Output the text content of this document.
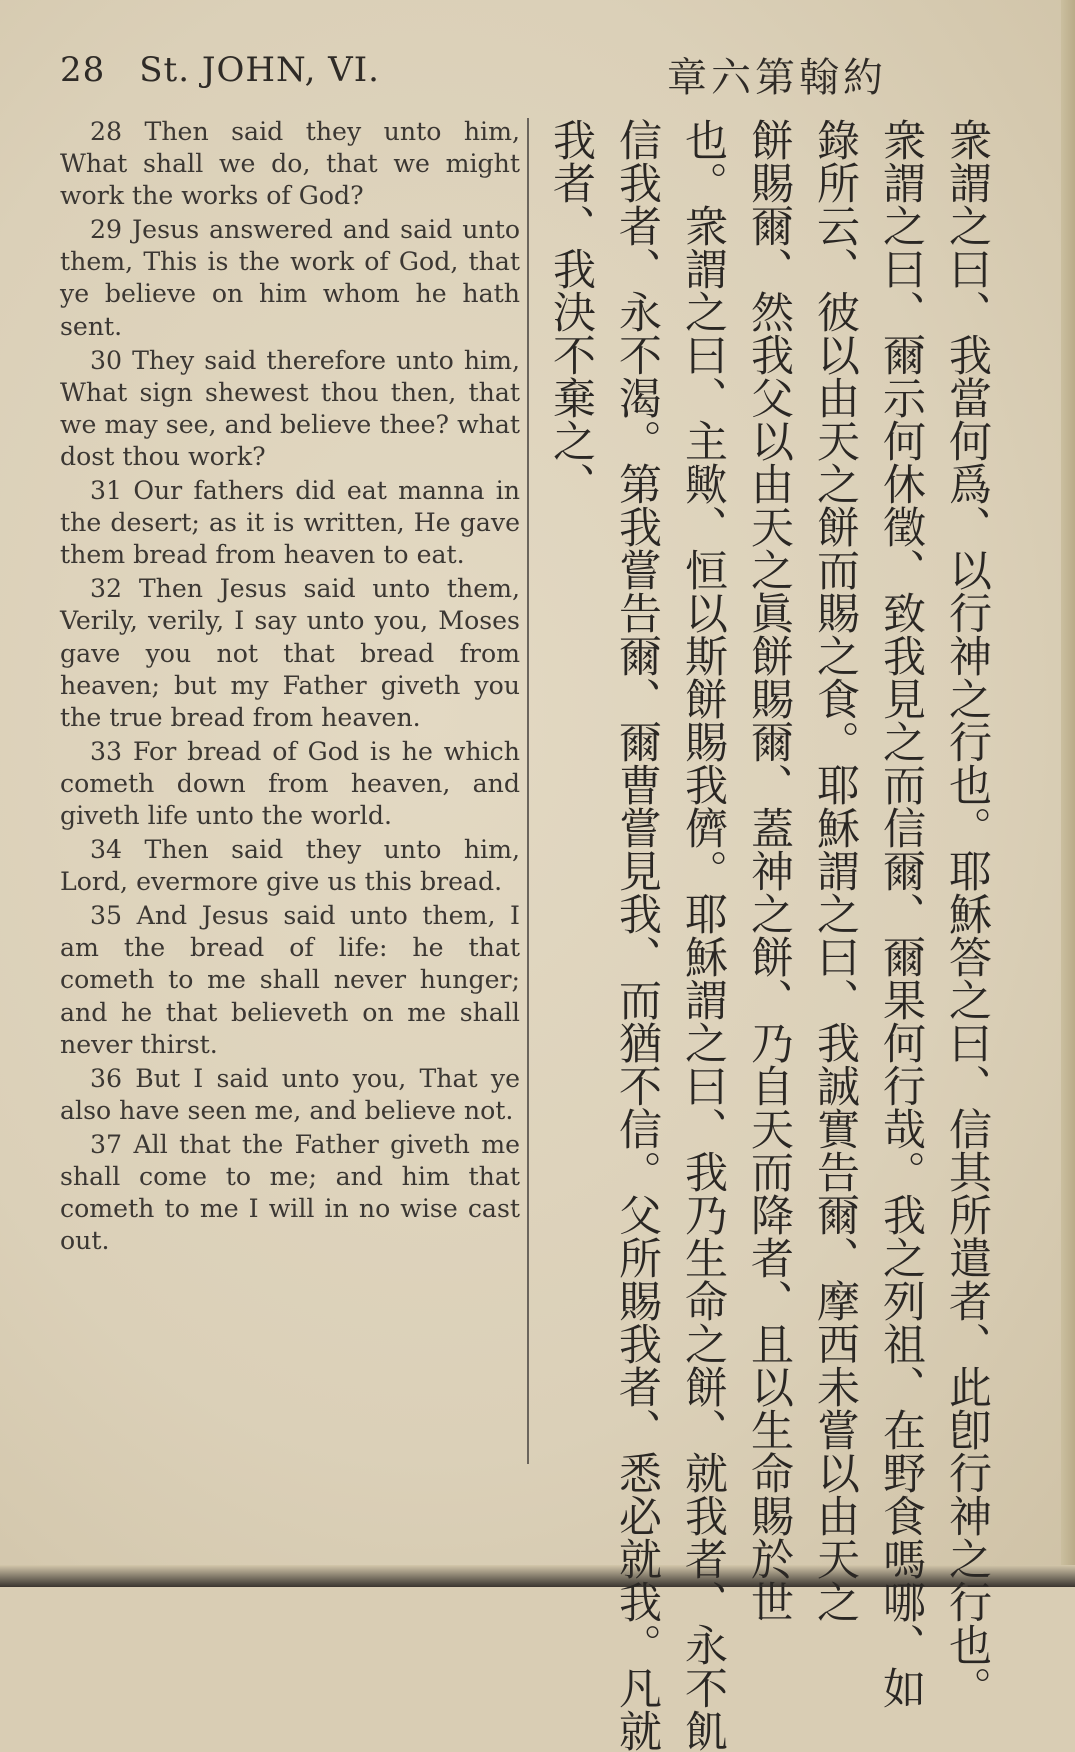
28 St. JOHN, VI.	章六第翰約

28 Then said they unto him, What shall we do, that we might work the works of God?

29 Jesus answered and said unto them, This is the work of God, that ye believe on him whom he hath sent.

30 They said therefore unto him, What sign shewest thou then, that we may see, and believe thee? what dost thou work?

31 Our fathers did eat manna in the desert; as it is written, He gave them bread from heaven to eat.

32 Then Jesus said unto them, Verily, verily, I say unto you, Moses gave you not that bread from heaven; but my Father giveth you the true bread from heaven.

33 For bread of God is he which cometh down from heaven, and giveth life unto the world.

34 Then said they unto him, Lord, evermore give us this bread.

35 And Jesus said unto them, I am the bread of life: he that cometh to me shall never hunger; and he that believeth on me shall never thirst.

36 But I said unto you, That ye also have seen me, and believe not.

37 All that the Father giveth me shall come to me; and him that cometh to me I will in no wise cast out.	衆謂之曰、我當何爲、以行神之行也。耶穌答之曰、信其所遣者、此卽行神之行也。
衆謂之曰、爾示何休徵、致我見之而信爾、爾果何行哉。我之列祖、在野食嗎哪、如
錄所云、彼以由天之餅而賜之食。耶穌謂之曰、我誠實告爾、摩西未嘗以由天之
餅賜爾、然我父以由天之眞餅賜爾、蓋神之餅、乃自天而降者、且以生命賜於世
也。衆謂之曰、主歟、恒以斯餅賜我儕。耶穌謂之曰、我乃生命之餅、就我者、永不飢
信我者、永不渴。第我嘗告爾、爾曹嘗見我、而猶不信。父所賜我者、悉必就我。凡就
我者、我決不棄之、
